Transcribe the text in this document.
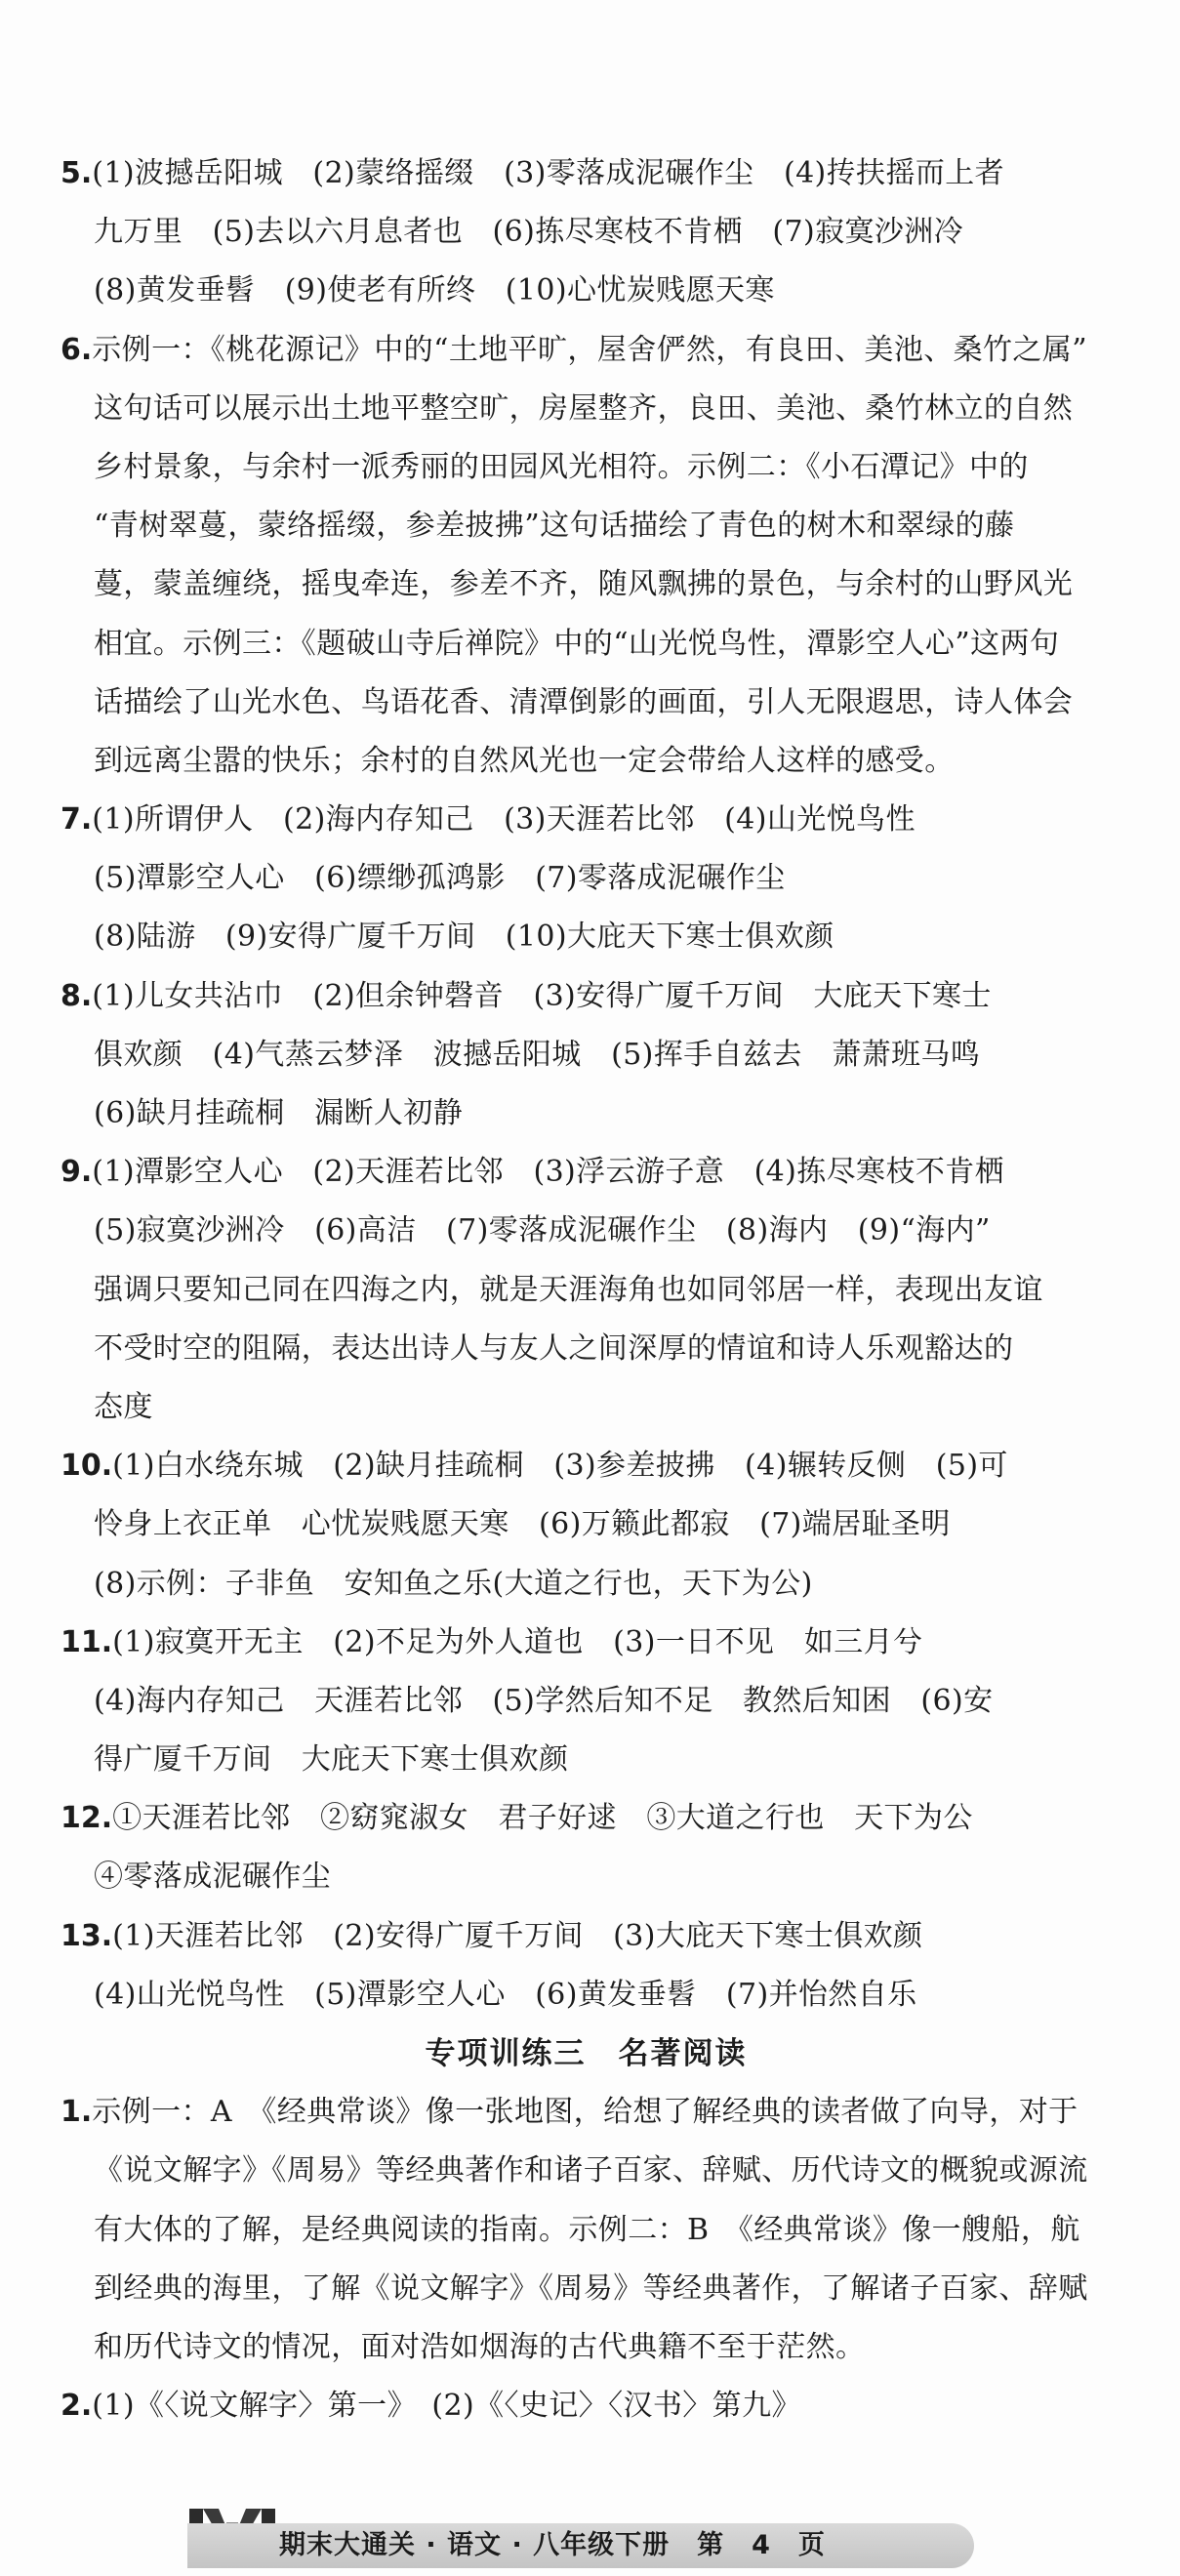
5.(1)波撼岳阳城　(2)蒙络摇缀　(3)零落成泥碾作尘　(4)抟扶摇而上者
九万里　(5)去以六月息者也　(6)拣尽寒枝不肯栖　(7)寂寞沙洲冷
(8)黄发垂髫　(9)使老有所终　(10)心忧炭贱愿天寒
6.示例一：《桃花源记》中的“土地平旷，屋舍俨然，有良田、美池、桑竹之属”
这句话可以展示出土地平整空旷，房屋整齐，良田、美池、桑竹林立的自然
乡村景象，与余村一派秀丽的田园风光相符。示例二：《小石潭记》中的
“青树翠蔓，蒙络摇缀，参差披拂”这句话描绘了青色的树木和翠绿的藤
蔓，蒙盖缠绕，摇曳牵连，参差不齐，随风飘拂的景色，与余村的山野风光
相宜。示例三：《题破山寺后禅院》中的“山光悦鸟性，潭影空人心”这两句
话描绘了山光水色、鸟语花香、清潭倒影的画面，引人无限遐思，诗人体会
到远离尘嚣的快乐；余村的自然风光也一定会带给人这样的感受。
7.(1)所谓伊人　(2)海内存知己　(3)天涯若比邻　(4)山光悦鸟性
(5)潭影空人心　(6)缥缈孤鸿影　(7)零落成泥碾作尘
(8)陆游　(9)安得广厦千万间　(10)大庇天下寒士俱欢颜
8.(1)儿女共沾巾　(2)但余钟磬音　(3)安得广厦千万间　大庇天下寒士
俱欢颜　(4)气蒸云梦泽　波撼岳阳城　(5)挥手自兹去　萧萧班马鸣
(6)缺月挂疏桐　漏断人初静
9.(1)潭影空人心　(2)天涯若比邻　(3)浮云游子意　(4)拣尽寒枝不肯栖
(5)寂寞沙洲冷　(6)高洁　(7)零落成泥碾作尘　(8)海内　(9)“海内”
强调只要知己同在四海之内，就是天涯海角也如同邻居一样，表现出友谊
不受时空的阻隔，表达出诗人与友人之间深厚的情谊和诗人乐观豁达的
态度
10.(1)白水绕东城　(2)缺月挂疏桐　(3)参差披拂　(4)辗转反侧　(5)可
怜身上衣正单　心忧炭贱愿天寒　(6)万籁此都寂　(7)端居耻圣明
(8)示例：子非鱼　安知鱼之乐(大道之行也，天下为公)
11.(1)寂寞开无主　(2)不足为外人道也　(3)一日不见　如三月兮
(4)海内存知己　天涯若比邻　(5)学然后知不足　教然后知困　(6)安
得广厦千万间　大庇天下寒士俱欢颜
12.①天涯若比邻　②窈窕淑女　君子好逑　③大道之行也　天下为公
④零落成泥碾作尘
13.(1)天涯若比邻　(2)安得广厦千万间　(3)大庇天下寒士俱欢颜
(4)山光悦鸟性　(5)潭影空人心　(6)黄发垂髫　(7)并怡然自乐
专项训练三　名著阅读
1.示例一：A　《经典常谈》像一张地图，给想了解经典的读者做了向导，对于
《说文解字》《周易》等经典著作和诸子百家、辞赋、历代诗文的概貌或源流
有大体的了解，是经典阅读的指南。示例二：B　《经典常谈》像一艘船，航
到经典的海里，了解《说文解字》《周易》等经典著作，了解诸子百家、辞赋
和历代诗文的情况，面对浩如烟海的古代典籍不至于茫然。
2.(1)《〈说文解字〉第一》　(2)《〈史记〉〈汉书〉第九》
期末大通关 · 语文 · 八年级下册　第　4　页
